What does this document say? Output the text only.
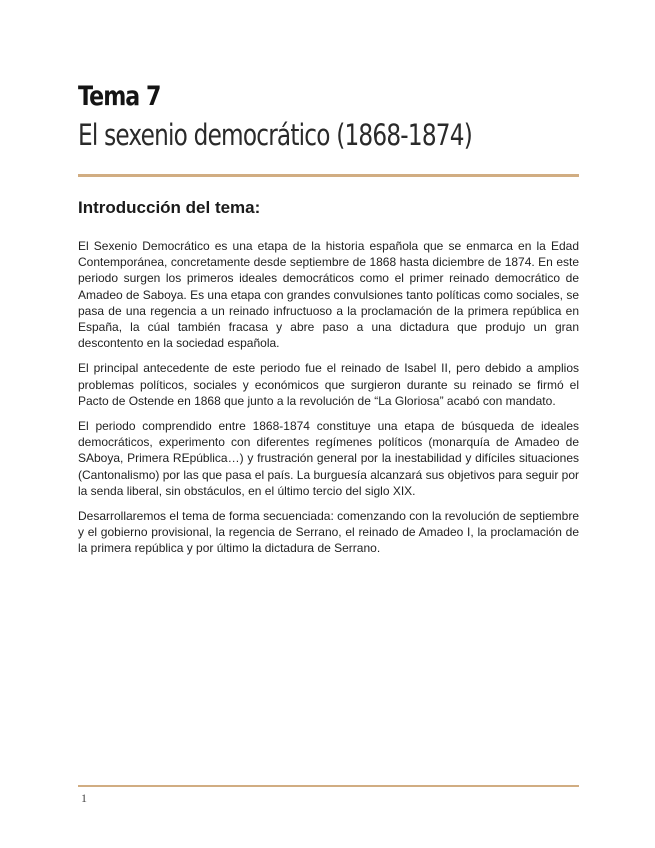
Tema 7
El sexenio democrático (1868-1874)
Introducción del tema:

El Sexenio Democrático es una etapa de la historia española que se enmarca en la Edad Contemporánea, concretamente desde septiembre de 1868 hasta diciembre de 1874. En este periodo surgen los primeros ideales democráticos como el primer reinado democrático de Amadeo de Saboya. Es una etapa con grandes convulsiones tanto políticas como sociales, se pasa de una regencia a un reinado infructuoso a la proclamación de la primera república en España, la cúal también fracasa y abre paso a una dictadura que produjo un gran descontento en la sociedad española.

El principal antecedente de este periodo fue el reinado de Isabel II, pero debido a amplios problemas políticos, sociales y económicos que surgieron durante su reinado se firmó el Pacto de Ostende en 1868 que junto a la revolución de “La Gloriosa” acabó con mandato.

El periodo comprendido entre 1868-1874 constituye una etapa de búsqueda de ideales democráticos, experimento con diferentes regímenes políticos (monarquía de Amadeo de SAboya, Primera REpública…) y frustración general por la inestabilidad y difíciles situaciones (Cantonalismo) por las que pasa el país. La burguesía alcanzará sus objetivos para seguir por la senda liberal, sin obstáculos, en el último tercio del siglo XIX.

Desarrollaremos el tema de forma secuenciada: comenzando con la revolución de septiembre y el gobierno provisional, la regencia de Serrano, el reinado de Amadeo I, la proclamación de la primera república y por último la dictadura de Serrano.

1
